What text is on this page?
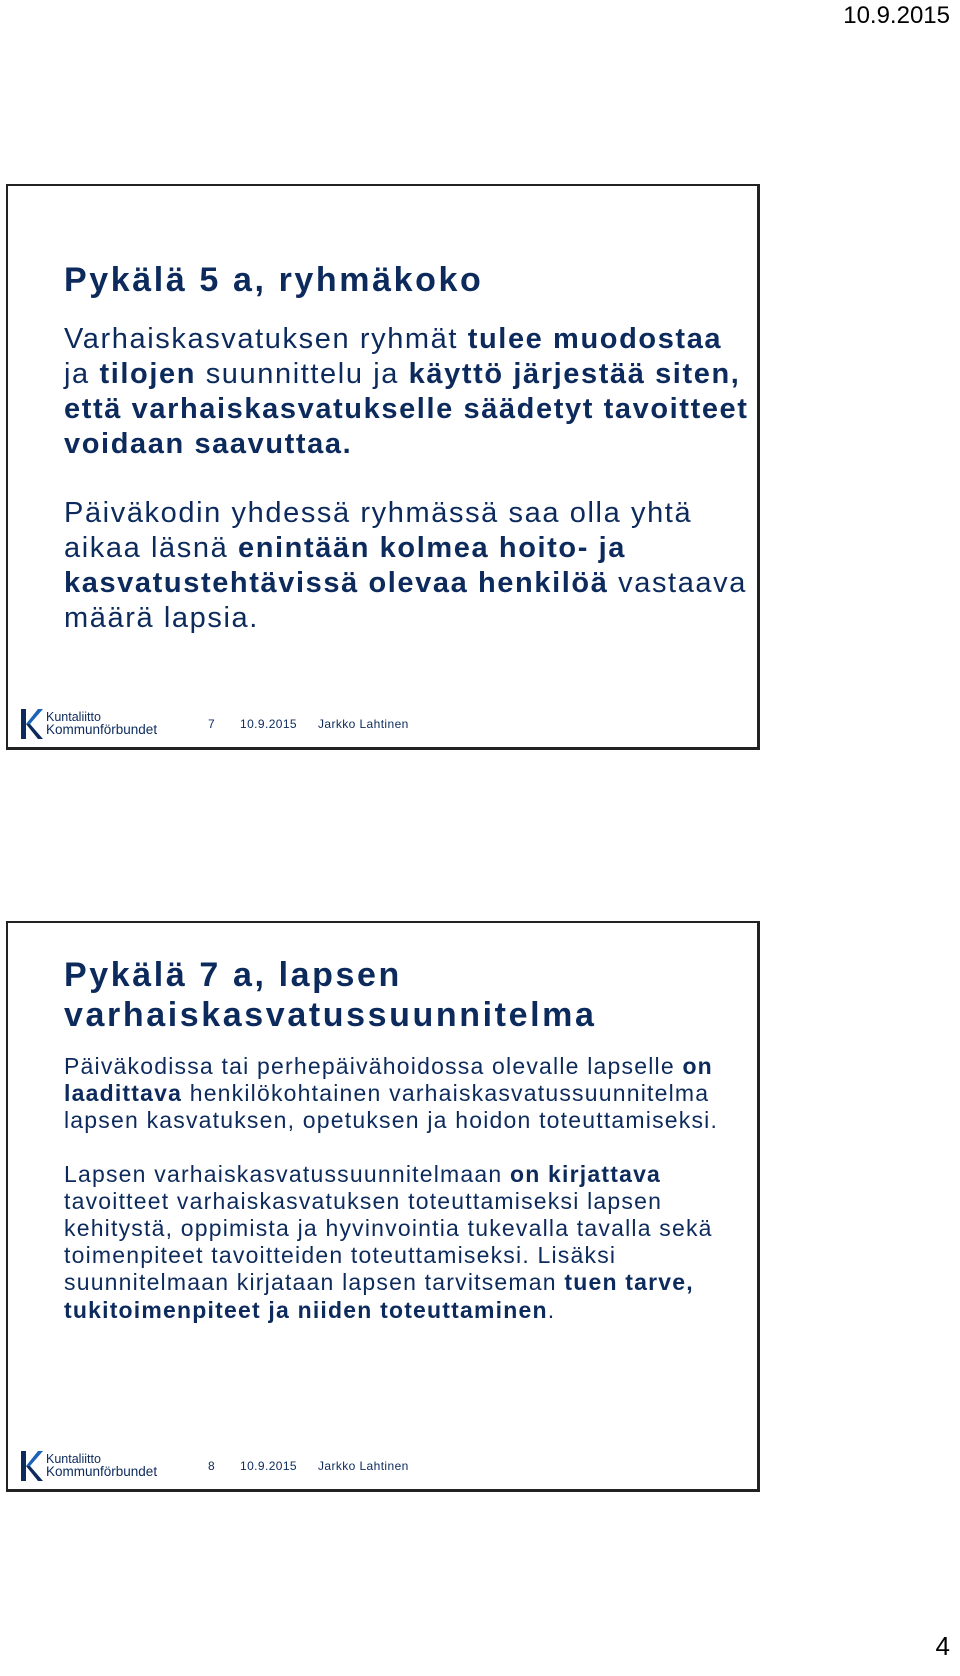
10.9.2015
Pykälä 5 a, ryhmäkoko

Varhaiskasvatuksen ryhmät tulee muodostaa ja tilojen suunnittelu ja käyttö järjestää siten, että varhaiskasvatukselle säädetyt tavoitteet voidaan saavuttaa.

Päiväkodin yhdessä ryhmässä saa olla yhtä aikaa läsnä enintään kolmea hoito- ja kasvatustehtävissä olevaa henkilöä vastaava määrä lapsia.

Kuntaliitto
Kommunförbundet	7 10.9.2015 Jarkko Lahtinen
Pykälä 7 a, lapsen
varhaiskasvatussuunnitelma

Päiväkodissa tai perhepäivähoidossa olevalle lapselle on laadittava henkilökohtainen varhaiskasvatussuunnitelma lapsen kasvatuksen, opetuksen ja hoidon toteuttamiseksi.

Lapsen varhaiskasvatussuunnitelmaan on kirjattava tavoitteet varhaiskasvatuksen toteuttamiseksi lapsen kehitystä, oppimista ja hyvinvointia tukevalla tavalla sekä toimenpiteet tavoitteiden toteuttamiseksi. Lisäksi suunnitelmaan kirjataan lapsen tarvitseman tuen tarve, tukitoimenpiteet ja niiden toteuttaminen.

Kuntaliitto
Kommunförbundet	8 10.9.2015 Jarkko Lahtinen
4
